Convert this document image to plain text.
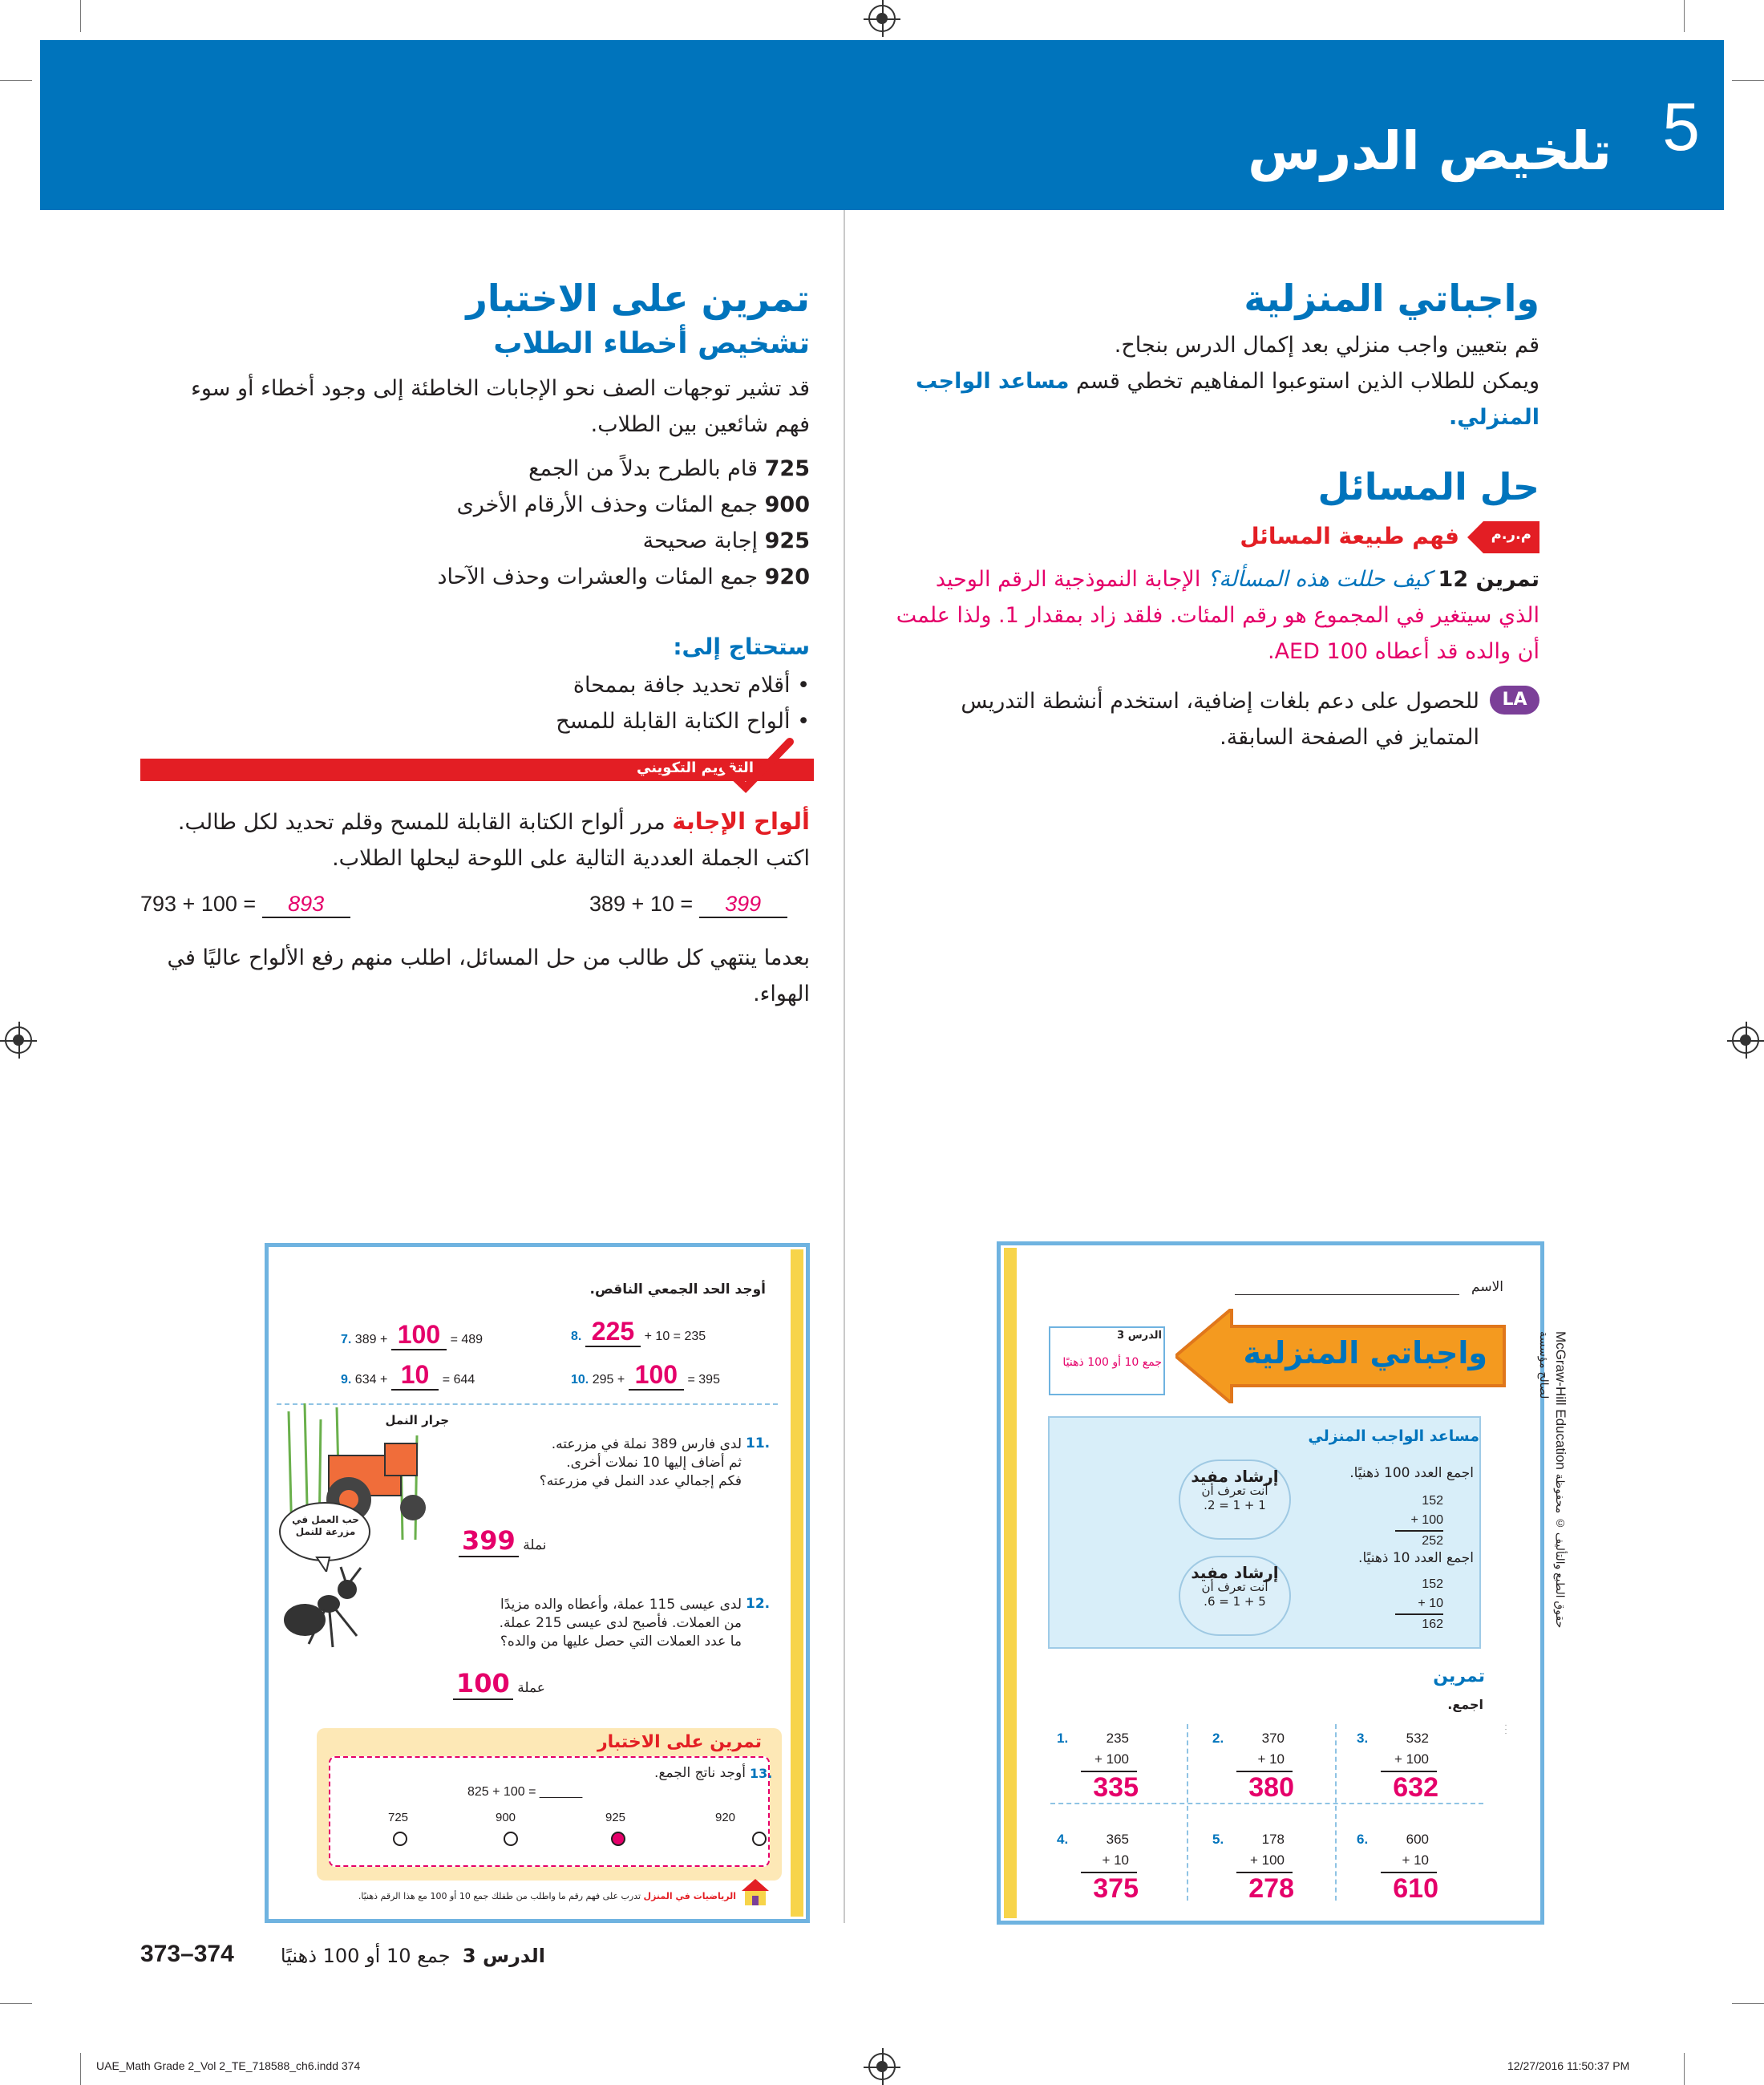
5
تلخيص الدرس
واجباتي المنزلية
قم بتعيين واجب منزلي بعد إكمال الدرس بنجاح.
ويمكن للطلاب الذين استوعبوا المفاهيم تخطي قسم مساعد الواجب
المنزلي.
حل المسائل
م.ر.م
فهم طبيعة المسائل
تمرين 12 كيف حللت هذه المسألة؟ الإجابة النموذجية الرقم الوحيد
الذي سيتغير في المجموع هو رقم المئات. فلقد زاد بمقدار 1. ولذا علمت
أن والده قد أعطاه 100 AED.
LA
للحصول على دعم بلغات إضافية، استخدم أنشطة التدريس
المتمايز في الصفحة السابقة.
تمرين على الاختبار
تشخيص أخطاء الطلاب
قد تشير توجهات الصف نحو الإجابات الخاطئة إلى وجود أخطاء أو سوء
فهم شائعين بين الطلاب.
725 قام بالطرح بدلاً من الجمع
900 جمع المئات وحذف الأرقام الأخرى
925 إجابة صحيحة
920 جمع المئات والعشرات وحذف الآحاد
ستحتاج إلى:
• أقلام تحديد جافة بممحاة
• ألواح الكتابة القابلة للمسح
التقويم التكويني
ألواح الإجابة مرر ألواح الكتابة القابلة للمسح وقلم تحديد لكل طالب.
اكتب الجملة العددية التالية على اللوحة ليحلها الطلاب.
389 + 10 = 399
793 + 100 = 893
بعدما ينتهي كل طالب من حل المسائل، اطلب منهم رفع الألواح عاليًا في
الهواء.
الاسم
واجباتي المنزلية
الدرس 3
جمع 10 أو 100 ذهنيًا	McGraw-Hill Education حقوق الطبع والتأليف © محفوظة لصالح مؤسسة
مساعد الواجب المنزلي
اجمع العدد 100 ذهنيًا.
152
+ 100
252
اجمع العدد 10 ذهنيًا.
152
+ 10
162
إرشاد مفيد
أنت تعرف أن
1 + 1 = 2.
إرشاد مفيد
أنت تعرف أن
5 + 1 = 6.
تمرين
اجمع.
· · ·
1.	235
+ 100
335
2.	370
+ 10
380
3.	532
+ 100
632
4.	365
+ 10
375
5.	178
+ 100
278
6.	600
+ 10
610
أوجد الحد الجمعي الناقص.
7. 389 + 100 = 489	8. 225 + 10 = 235
9. 634 + 10 = 644	10. 295 + 100 = 395
جرار النمل
حب العمل في مزرعة للنمل
11.
لدى فارس 389 نملة في مزرعته.
ثم أضاف إليها 10 نملات أخرى.
فكم إجمالي عدد النمل في مزرعته؟
399 نملة
12.
لدى عيسى 115 عملة، وأعطاه والده مزيدًا
من العملات. فأصبح لدى عيسى 215 عملة.
ما عدد العملات التي حصل عليها من والده؟
100 عملة
تمرين على الاختبار
13.
أوجد ناتج الجمع.
825 + 100 = ______
920
925
900
725
الرياضيات في المنزل تدرب على فهم رقم ما واطلب من طفلك جمع 10 أو 100 مع هذا الرقم ذهنيًا.
373–374	الدرس 3  جمع 10 أو 100 ذهنيًا
UAE_Math Grade 2_Vol 2_TE_718588_ch6.indd 374	12/27/2016 11:50:37 PM
